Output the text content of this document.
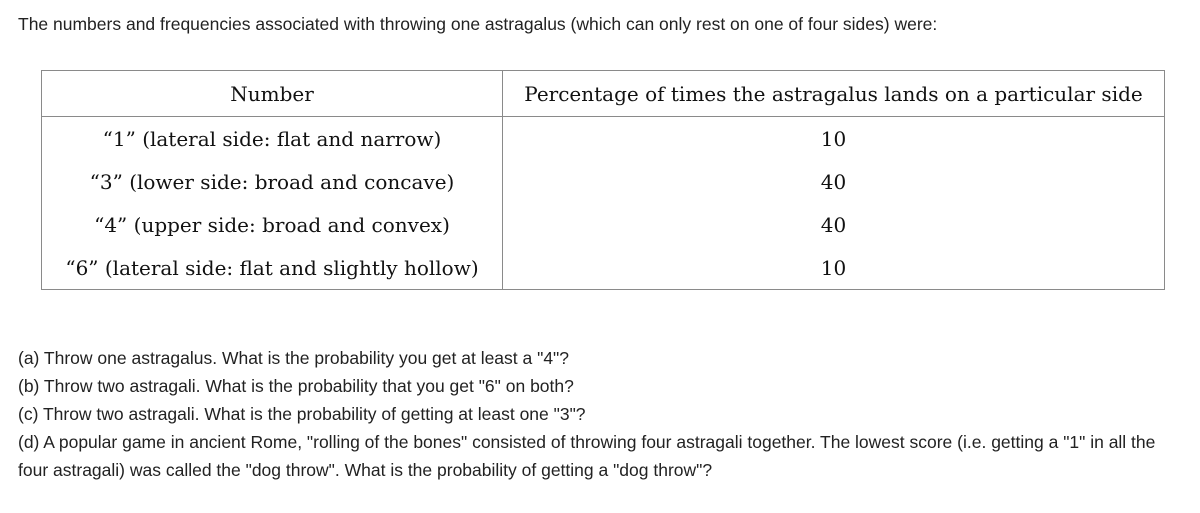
The numbers and frequencies associated with throwing one astragalus (which can only rest on one of four sides) were:
Number	Percentage of times the astragalus lands on a particular side
“1” (lateral side: flat and narrow)	10
“3” (lower side: broad and concave)	40
“4” (upper side: broad and convex)	40
“6” (lateral side: flat and slightly hollow)	10

(a) Throw one astragalus. What is the probability you get at least a "4"?

(b) Throw two astragali. What is the probability that you get "6" on both?

(c) Throw two astragali. What is the probability of getting at least one "3"?

(d) A popular game in ancient Rome, "rolling of the bones" consisted of throwing four astragali together. The lowest score (i.e. getting a "1" in all the four astragali) was called the "dog throw". What is the probability of getting a "dog throw"?
